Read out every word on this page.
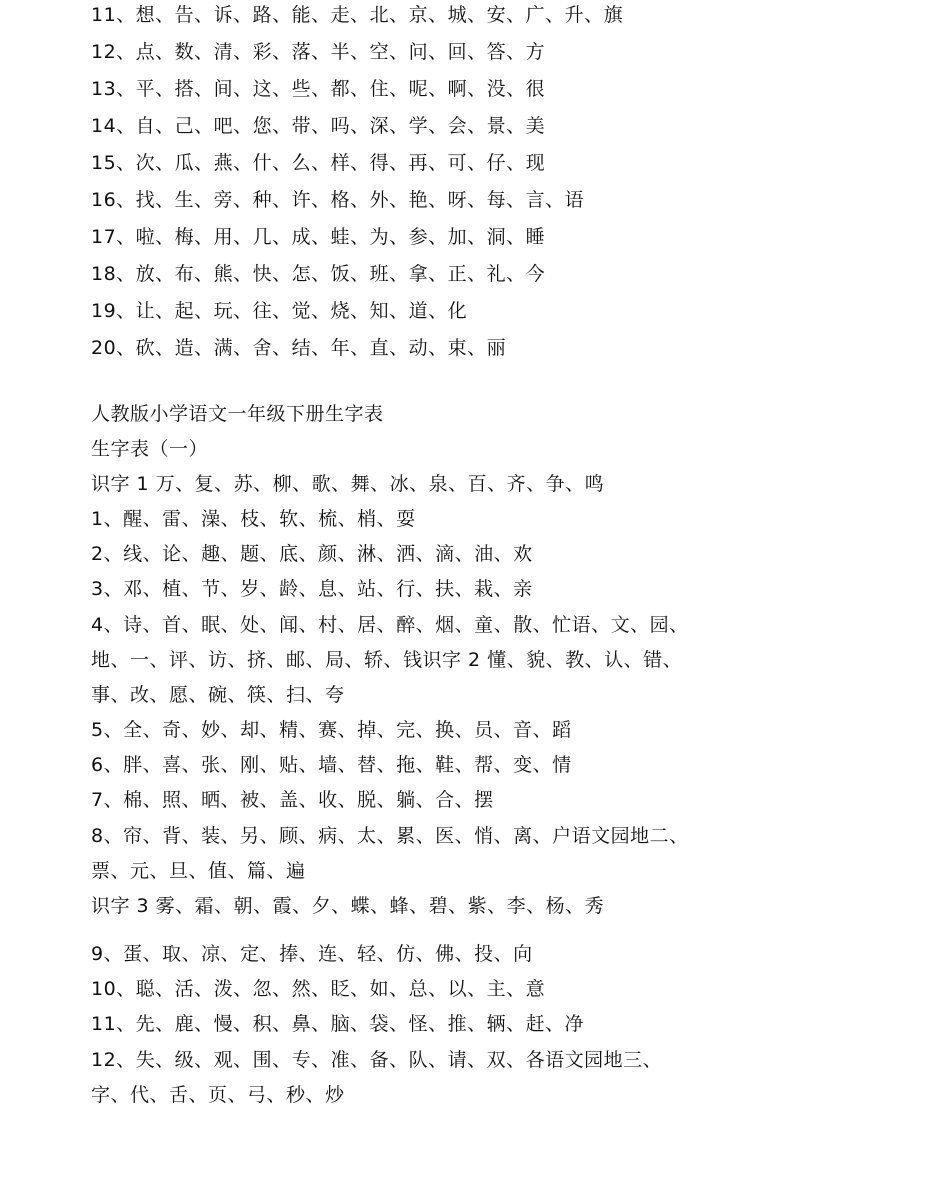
11、想、告、诉、路、能、走、北、京、城、安、广、升、旗
12、点、数、清、彩、落、半、空、问、回、答、方
13、平、搭、间、这、些、都、住、呢、啊、没、很
14、自、己、吧、您、带、吗、深、学、会、景、美
15、次、瓜、燕、什、么、样、得、再、可、仔、现
16、找、生、旁、种、许、格、外、艳、呀、每、言、语
17、啦、梅、用、几、成、蛙、为、参、加、洞、睡
18、放、布、熊、快、怎、饭、班、拿、正、礼、今
19、让、起、玩、往、觉、烧、知、道、化
20、砍、造、满、舍、结、年、直、动、束、丽
人教版小学语文一年级下册生字表
生字表（一）
识字 1 万、复、苏、柳、歌、舞、冰、泉、百、齐、争、鸣
1、醒、雷、澡、枝、软、梳、梢、耍
2、线、论、趣、题、底、颜、淋、洒、滴、油、欢
3、邓、植、节、岁、龄、息、站、行、扶、栽、亲
4、诗、首、眠、处、闻、村、居、醉、烟、童、散、忙语、文、园、
地、一、评、访、挤、邮、局、轿、钱识字 2 懂、貌、教、认、错、
事、改、愿、碗、筷、扫、夸
5、全、奇、妙、却、精、赛、掉、完、换、员、音、蹈
6、胖、喜、张、刚、贴、墙、替、拖、鞋、帮、变、情
7、棉、照、晒、被、盖、收、脱、躺、合、摆
8、帘、背、装、另、顾、病、太、累、医、悄、离、户语文园地二、
票、元、旦、值、篇、遍
识字 3 雾、霜、朝、霞、夕、蝶、蜂、碧、紫、李、杨、秀
9、蛋、取、凉、定、捧、连、轻、仿、佛、投、向
10、聪、活、泼、忽、然、眨、如、总、以、主、意
11、先、鹿、慢、积、鼻、脑、袋、怪、推、辆、赶、净
12、失、级、观、围、专、准、备、队、请、双、各语文园地三、
字、代、舌、页、弓、秒、炒
